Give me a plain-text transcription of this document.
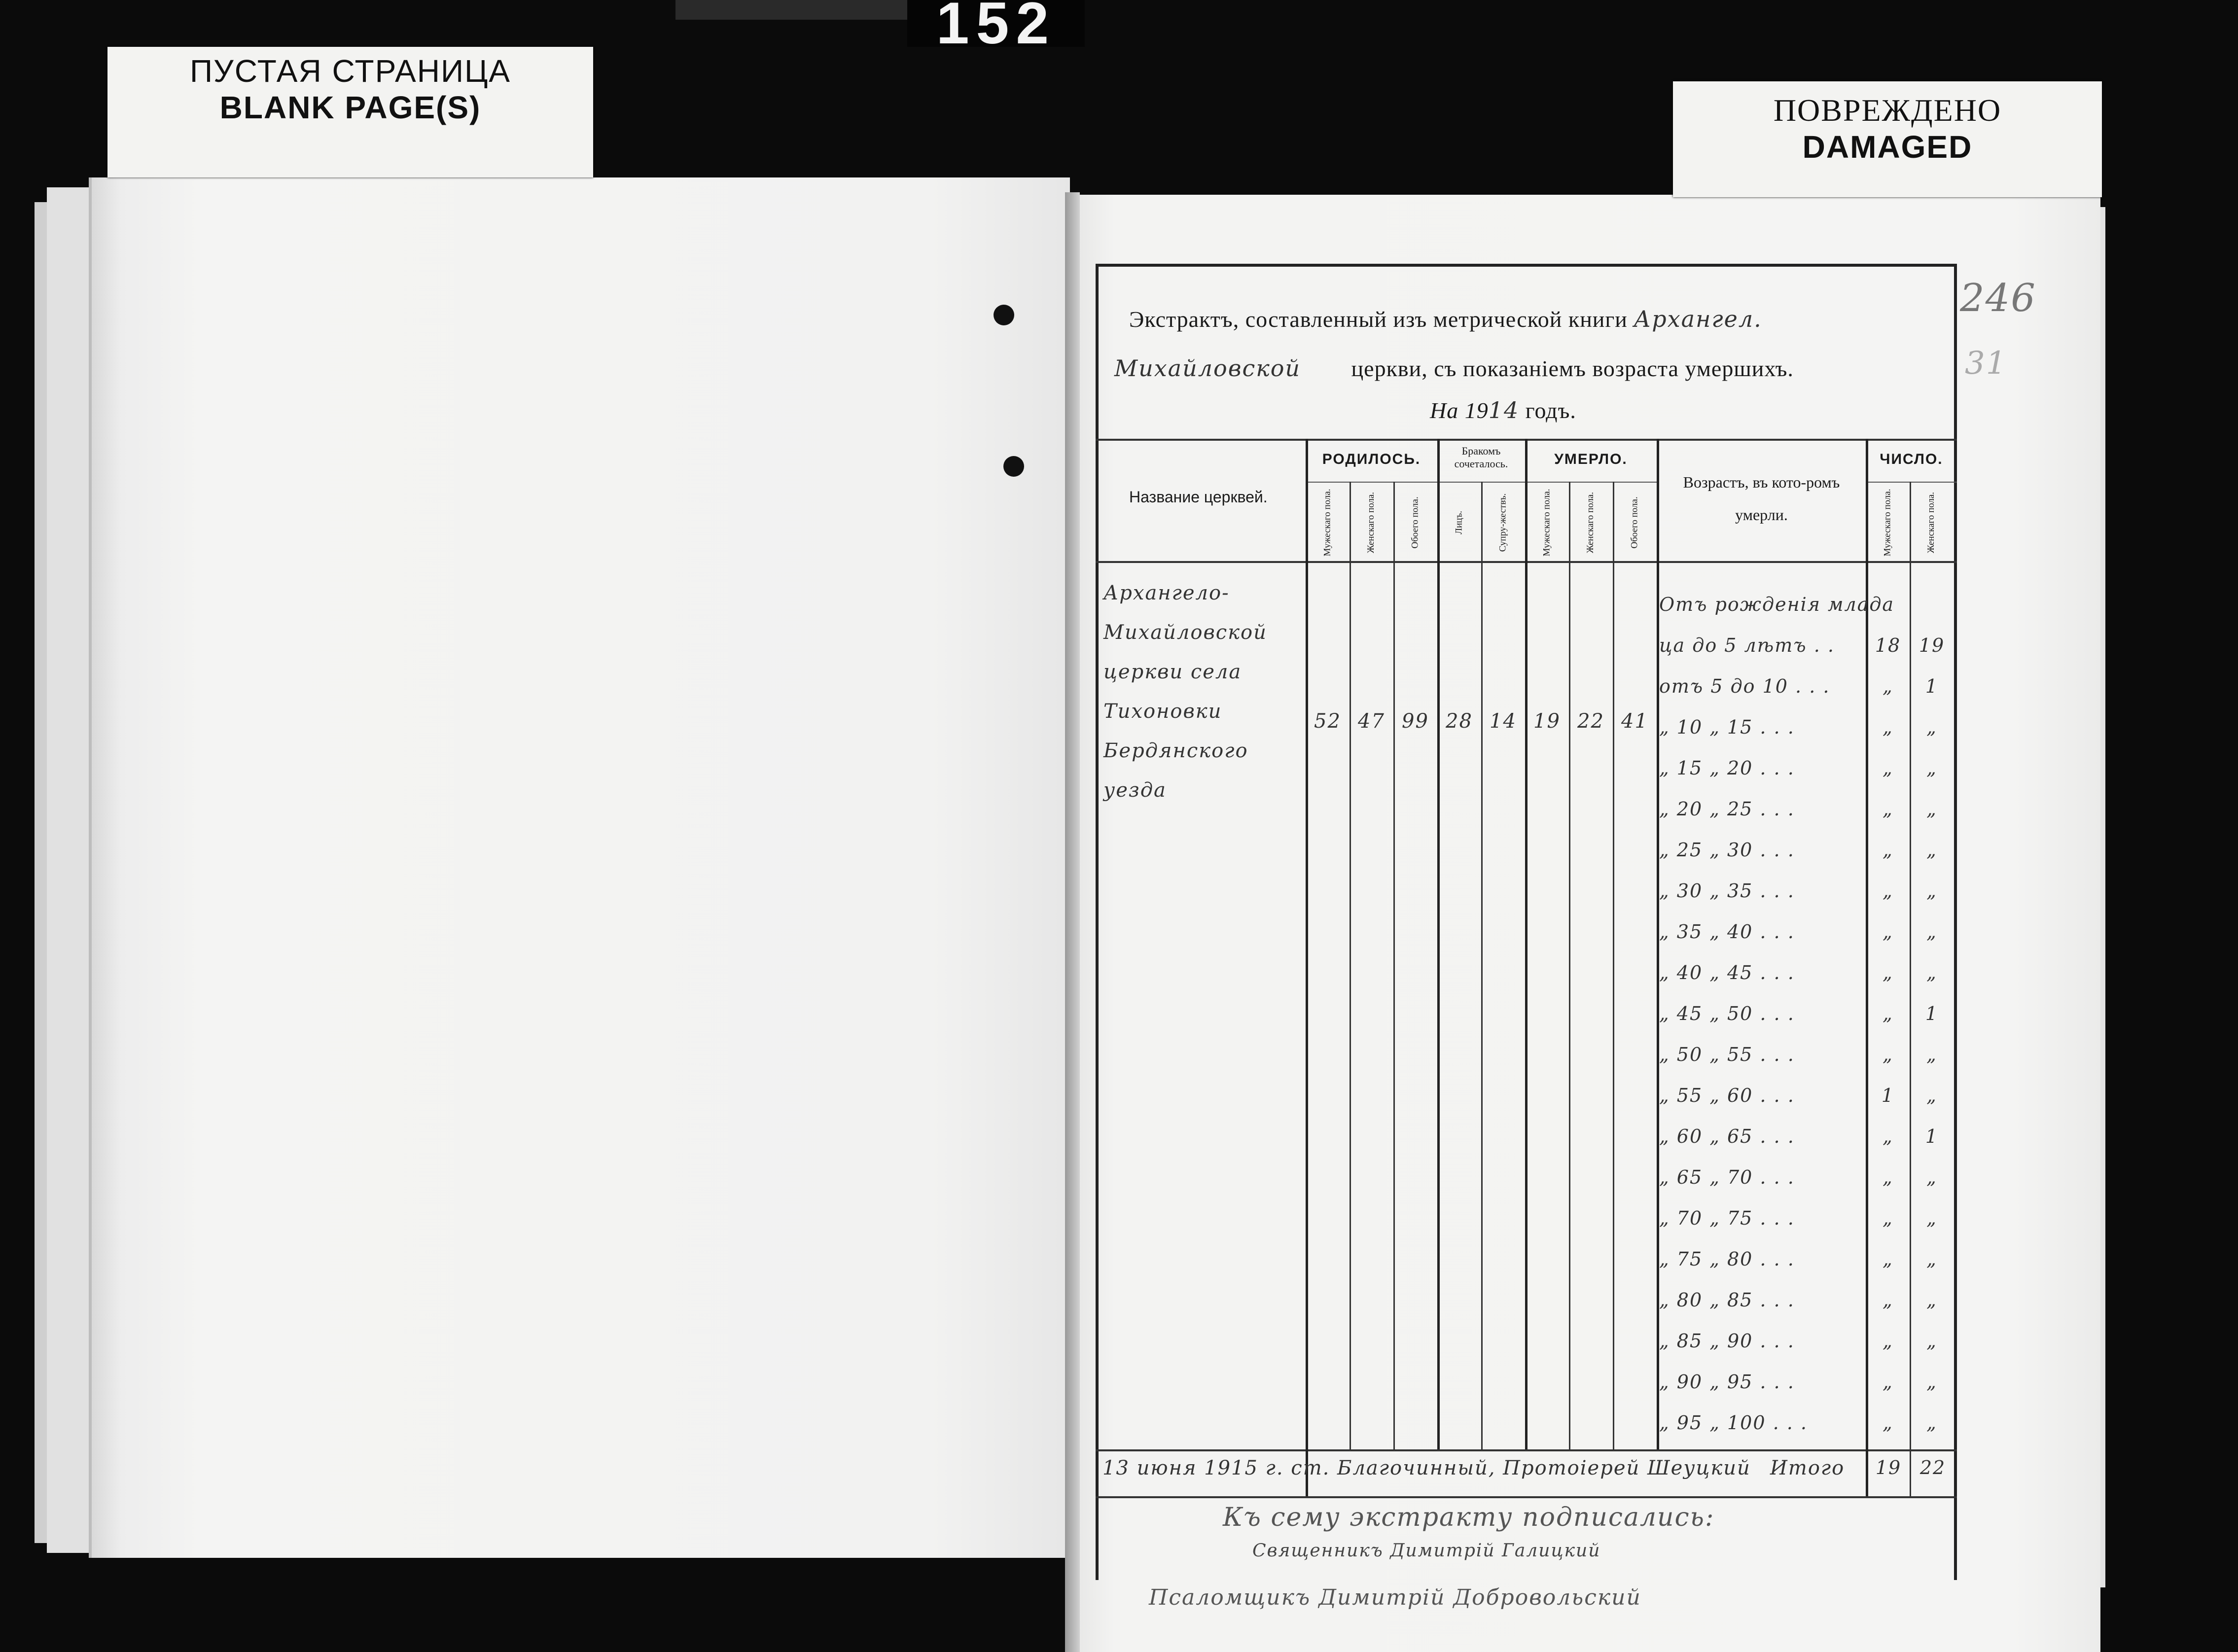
152
ПУСТАЯ СТРАНИЦА
BLANK PAGE(S)	ПОВРЕЖДЕНО
DAMAGED
246
31
Экстрактъ, составленный изъ метрической книги Архангел.
Михайловской церкви, съ показанiемъ возраста умершихъ.
На 1914 годъ.
Название церквей.
РОДИЛОСЬ.
Бракомъ сочеталось.	УМЕРЛО.
Возрастъ, въ кото-ромъ умерли.
ЧИСЛО.
Мужескаго пола.	Женскаго пола.	Обоего пола.	Лицъ.	Супру-жествъ.	Мужескаго пола.	Женскаго пола.	Обоего пола.	Мужескаго пола.	Женскаго пола.
Архангело-
Михайловской
церкви села
Тихоновки
Бердянского
уезда
52 47 99 28 14 19 22 41
Отъ рожденiя млада
ца до 5 лѣтъ . .	18 19
отъ 5 до 10 . . .	„	1
„ 10 „ 15 . . .	„	„
„ 15 „ 20 . . .	„	„
„ 20 „ 25 . . .	„	„
„ 25 „ 30 . . .	„	„
„ 30 „ 35 . . .	„	„
„ 35 „ 40 . . .	„	„
„ 40 „ 45 . . .	„	„
„ 45 „ 50 . . .	„	1
„ 50 „ 55 . . .	„	„
„ 55 „ 60 . . .	1	„
„ 60 „ 65 . . .	„	1
„ 65 „ 70 . . .	„	„
„ 70 „ 75 . . .	„	„
„ 75 „ 80 . . .	„	„
„ 80 „ 85 . . .	„	„
„ 85 „ 90 . . .	„	„
„ 90 „ 95 . . .	„	„
„ 95 „ 100 . . .	„	„
13 июня 1915 г. ст. Благочинный, Протоiерей Шеуцкий Итого	19 22
Къ сему экстракту подписались:
Священникъ Димитрiй Галицкий
Псаломщикъ Димитрiй Добровольский
